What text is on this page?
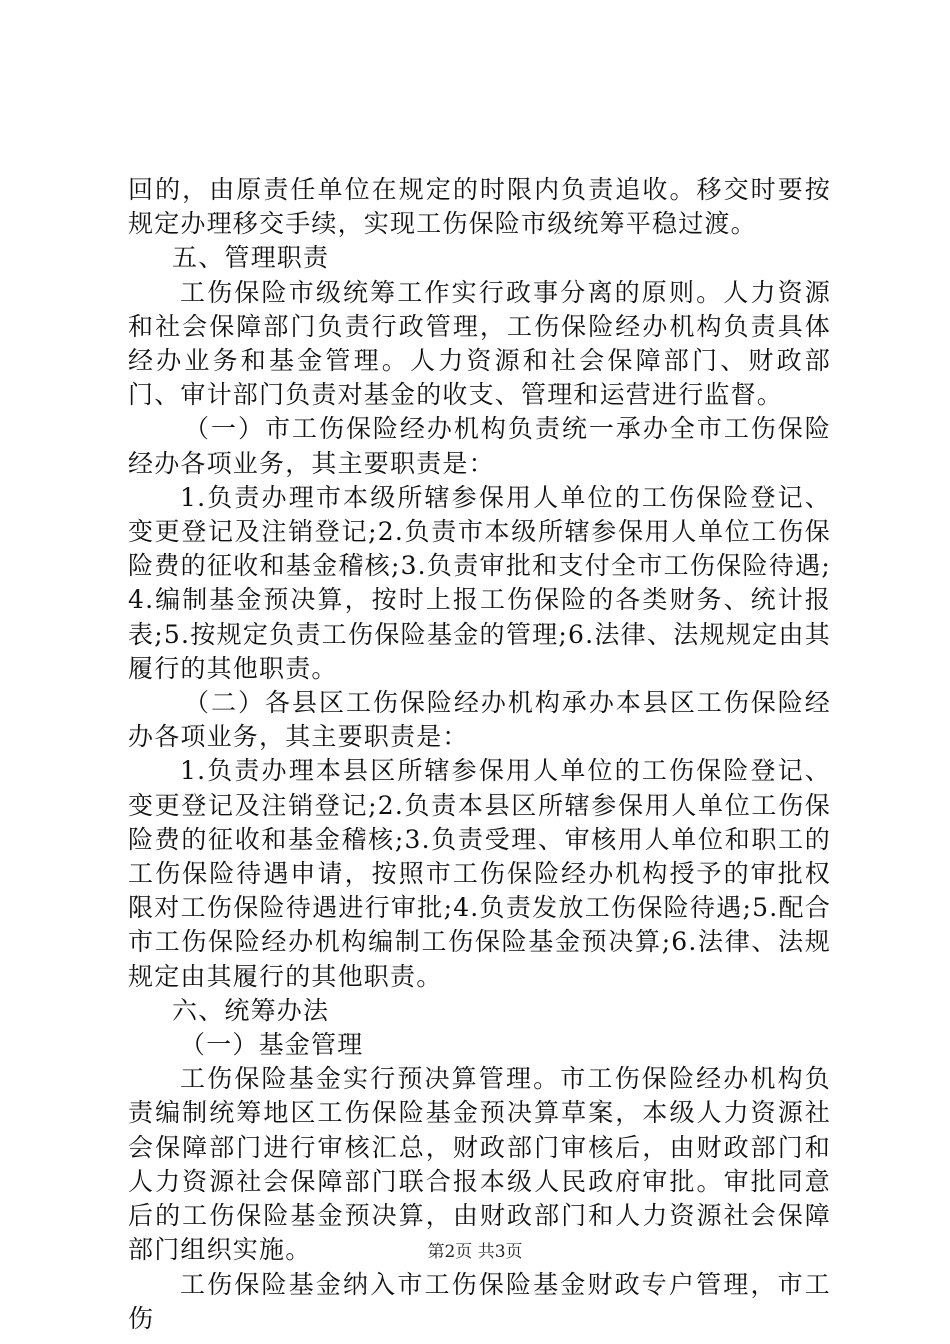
回的，由原责任单位在规定的时限内负责追收。移交时要按规定办理移交手续，实现工伤保险市级统筹平稳过渡。

五、管理职责

工伤保险市级统筹工作实行政事分离的原则。人力资源和社会保障部门负责行政管理，工伤保险经办机构负责具体经办业务和基金管理。人力资源和社会保障部门、财政部门、审计部门负责对基金的收支、管理和运营进行监督。

（一）市工伤保险经办机构负责统一承办全市工伤保险经办各项业务，其主要职责是：

1.负责办理市本级所辖参保用人单位的工伤保险登记、变更登记及注销登记;2.负责市本级所辖参保用人单位工伤保险费的征收和基金稽核;3.负责审批和支付全市工伤保险待遇;4.编制基金预决算，按时上报工伤保险的各类财务、统计报表;5.按规定负责工伤保险基金的管理;6.法律、法规规定由其履行的其他职责。

（二）各县区工伤保险经办机构承办本县区工伤保险经办各项业务，其主要职责是：

1.负责办理本县区所辖参保用人单位的工伤保险登记、变更登记及注销登记;2.负责本县区所辖参保用人单位工伤保险费的征收和基金稽核;3.负责受理、审核用人单位和职工的工伤保险待遇申请，按照市工伤保险经办机构授予的审批权限对工伤保险待遇进行审批;4.负责发放工伤保险待遇;5.配合市工伤保险经办机构编制工伤保险基金预决算;6.法律、法规规定由其履行的其他职责。

六、统筹办法

（一）基金管理

工伤保险基金实行预决算管理。市工伤保险经办机构负责编制统筹地区工伤保险基金预决算草案，本级人力资源社会保障部门进行审核汇总，财政部门审核后，由财政部门和人力资源社会保障部门联合报本级人民政府审批。审批同意后的工伤保险基金预决算，由财政部门和人力资源社会保障部门组织实施。

工伤保险基金纳入市工伤保险基金财政专户管理，市工伤

第2页 共3页
